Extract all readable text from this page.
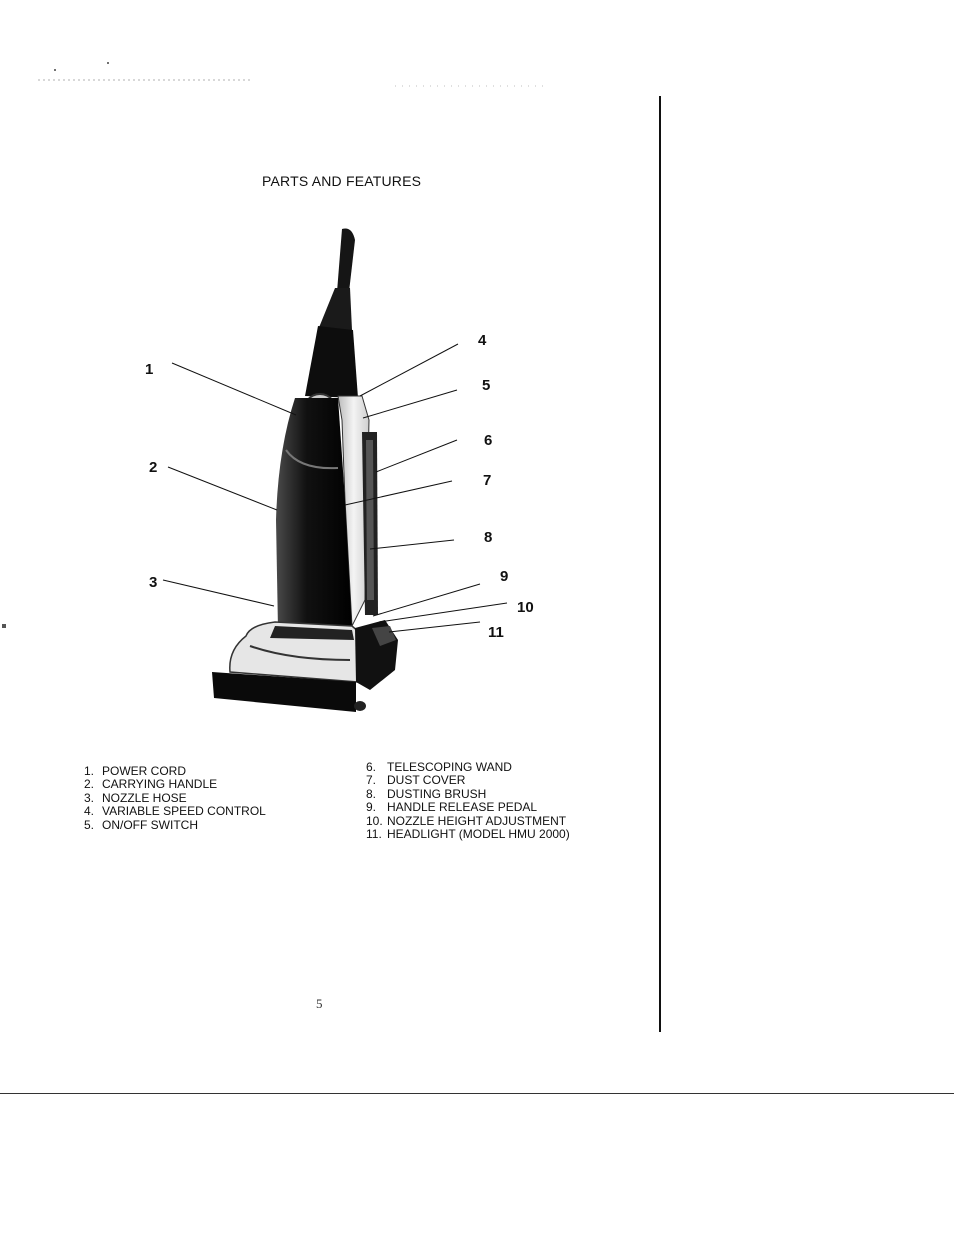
PARTS AND FEATURES
1
2
3
4
5
6
7
8
9
10
11
1. POWER CORD
2. CARRYING HANDLE
3. NOZZLE HOSE
4. VARIABLE SPEED CONTROL
5. ON/OFF SWITCH
6. TELESCOPING WAND
7. DUST COVER
8. DUSTING BRUSH
9. HANDLE RELEASE PEDAL
10. NOZZLE HEIGHT ADJUSTMENT
11. HEADLIGHT (MODEL HMU 2000)
5
